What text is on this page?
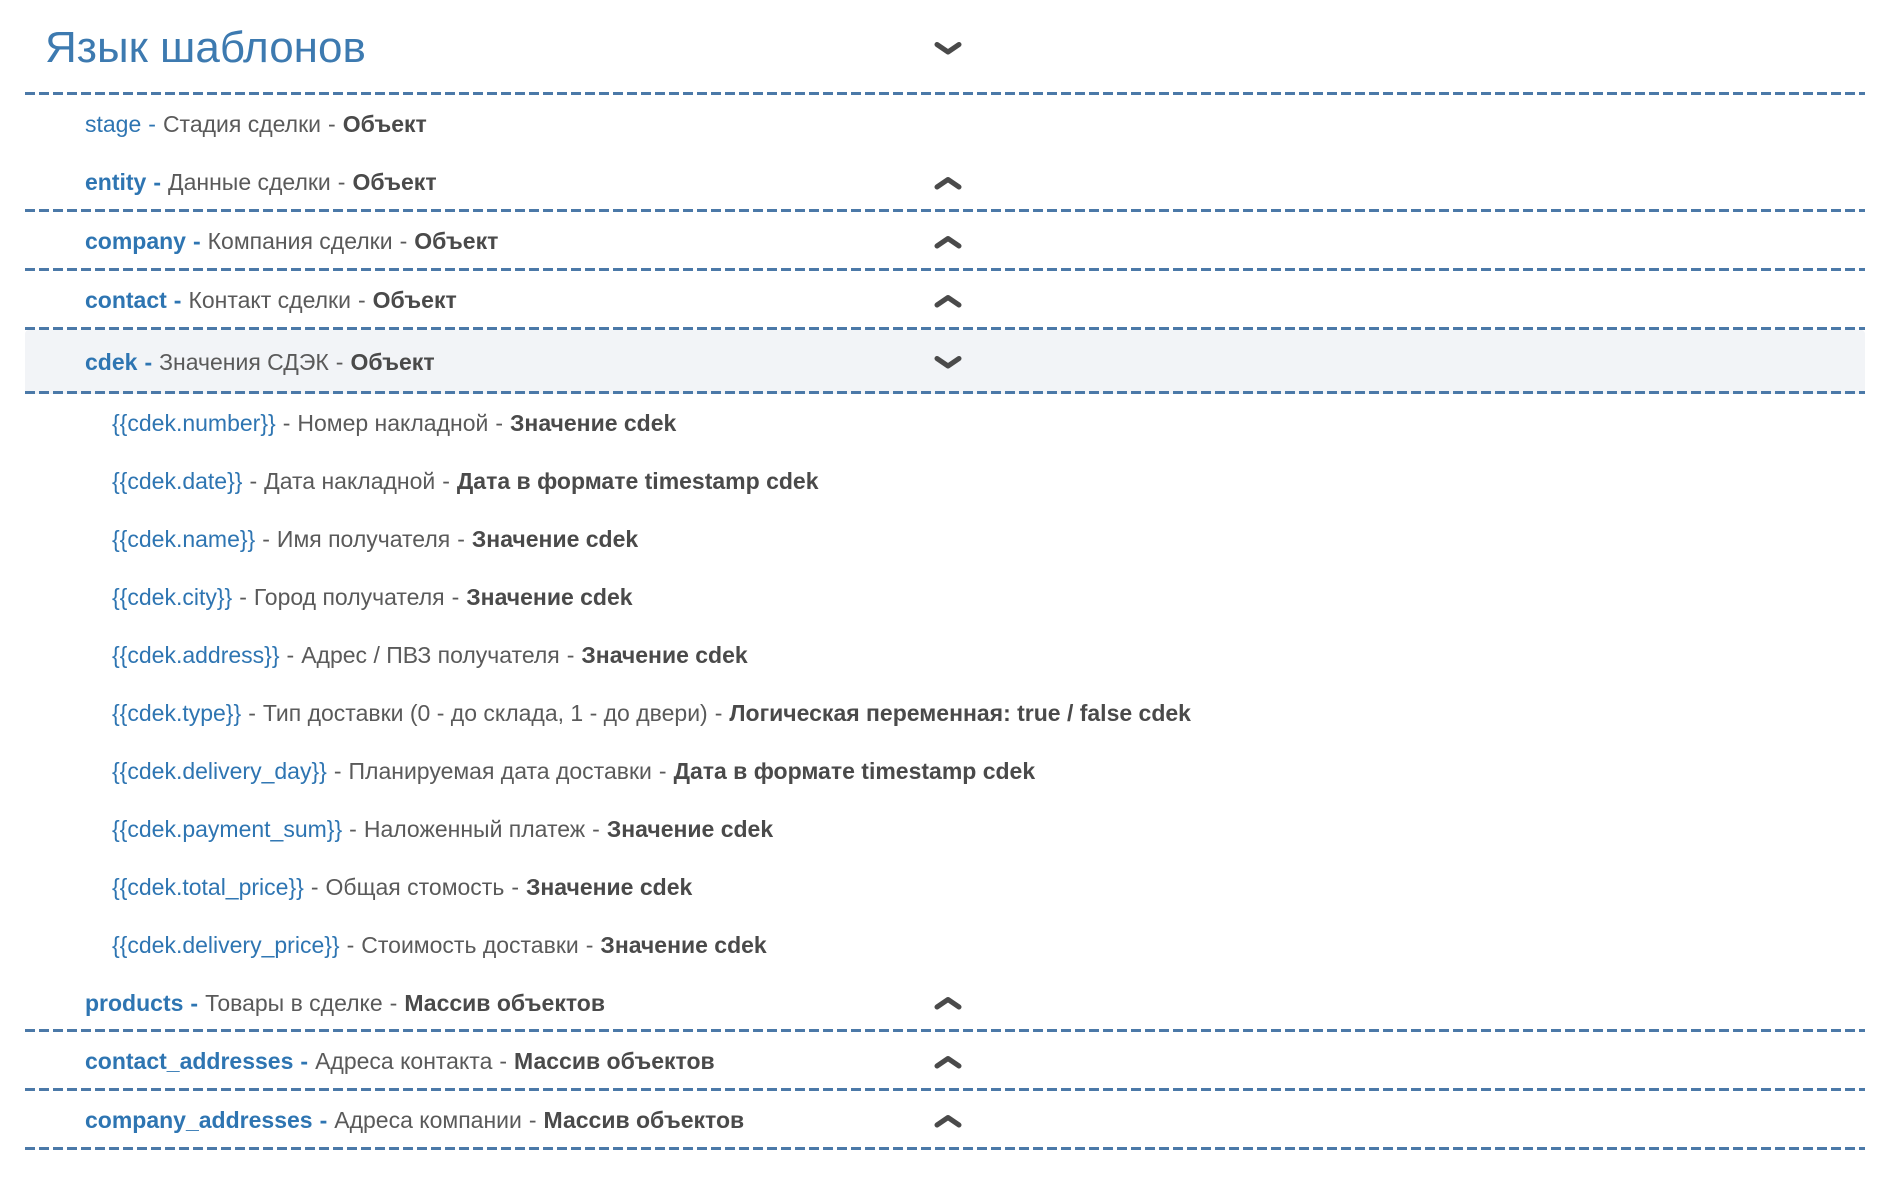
Язык шаблонов
stage - Стадия сделки - Объект
entity - Данные сделки - Объект
company - Компания сделки - Объект
contact - Контакт сделки - Объект
cdek - Значения СДЭК - Объект
{{cdek.number}} - Номер накладной - Значение cdek
{{cdek.date}} - Дата накладной - Дата в формате timestamp cdek
{{cdek.name}} - Имя получателя - Значение cdek
{{cdek.city}} - Город получателя - Значение cdek
{{cdek.address}} - Адрес / ПВЗ получателя - Значение cdek
{{cdek.type}} - Тип доставки (0 - до склада, 1 - до двери) - Логическая переменная: true / false cdek
{{cdek.delivery_day}} - Планируемая дата доставки - Дата в формате timestamp cdek
{{cdek.payment_sum}} - Наложенный платеж - Значение cdek
{{cdek.total_price}} - Общая стомость - Значение cdek
{{cdek.delivery_price}} - Стоимость доставки - Значение cdek
products - Товары в сделке - Массив объектов
contact_addresses - Адреса контакта - Массив объектов
company_addresses - Адреса компании - Массив объектов
